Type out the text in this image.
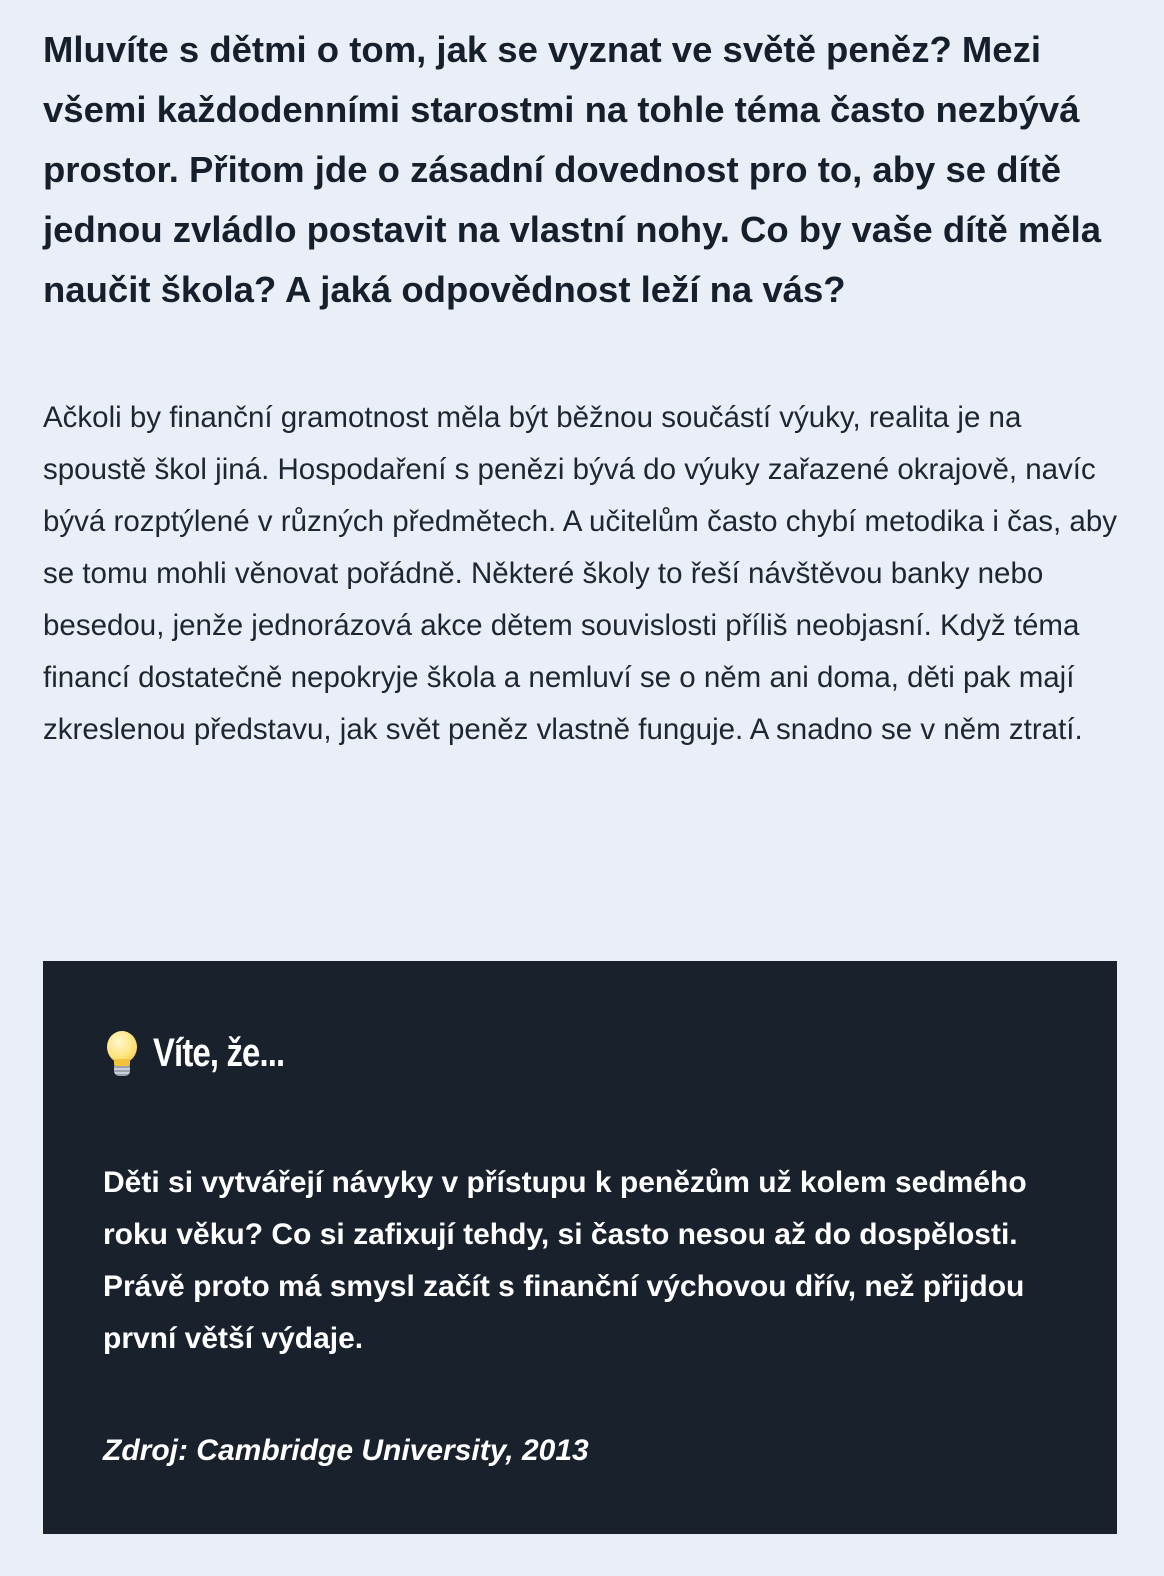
Mluvíte s dětmi o tom, jak se vyznat ve světě peněz? Mezi všemi každodenními starostmi na tohle téma často nezbývá prostor. Přitom jde o zásadní dovednost pro to, aby se dítě jednou zvládlo postavit na vlastní nohy. Co by vaše dítě měla naučit škola? A jaká odpovědnost leží na vás?

Ačkoli by finanční gramotnost měla být běžnou součástí výuky, realita je na spoustě škol jiná. Hospodaření s penězi bývá do výuky zařazené okrajově, navíc bývá rozptýlené v různých předmětech. A učitelům často chybí metodika i čas, aby se tomu mohli věnovat pořádně. Některé školy to řeší návštěvou banky nebo besedou, jenže jednorázová akce dětem souvislosti příliš neobjasní. Když téma financí dostatečně nepokryje škola a nemluví se o něm ani doma, děti pak mají zkreslenou představu, jak svět peněz vlastně funguje. A snadno se v něm ztratí.

Víte, že...

Děti si vytvářejí návyky v přístupu k penězům už kolem sedmého roku věku? Co si zafixují tehdy, si často nesou až do dospělosti. Právě proto má smysl začít s finanční výchovou dřív, než přijdou první větší výdaje.

Zdroj: Cambridge University, 2013
